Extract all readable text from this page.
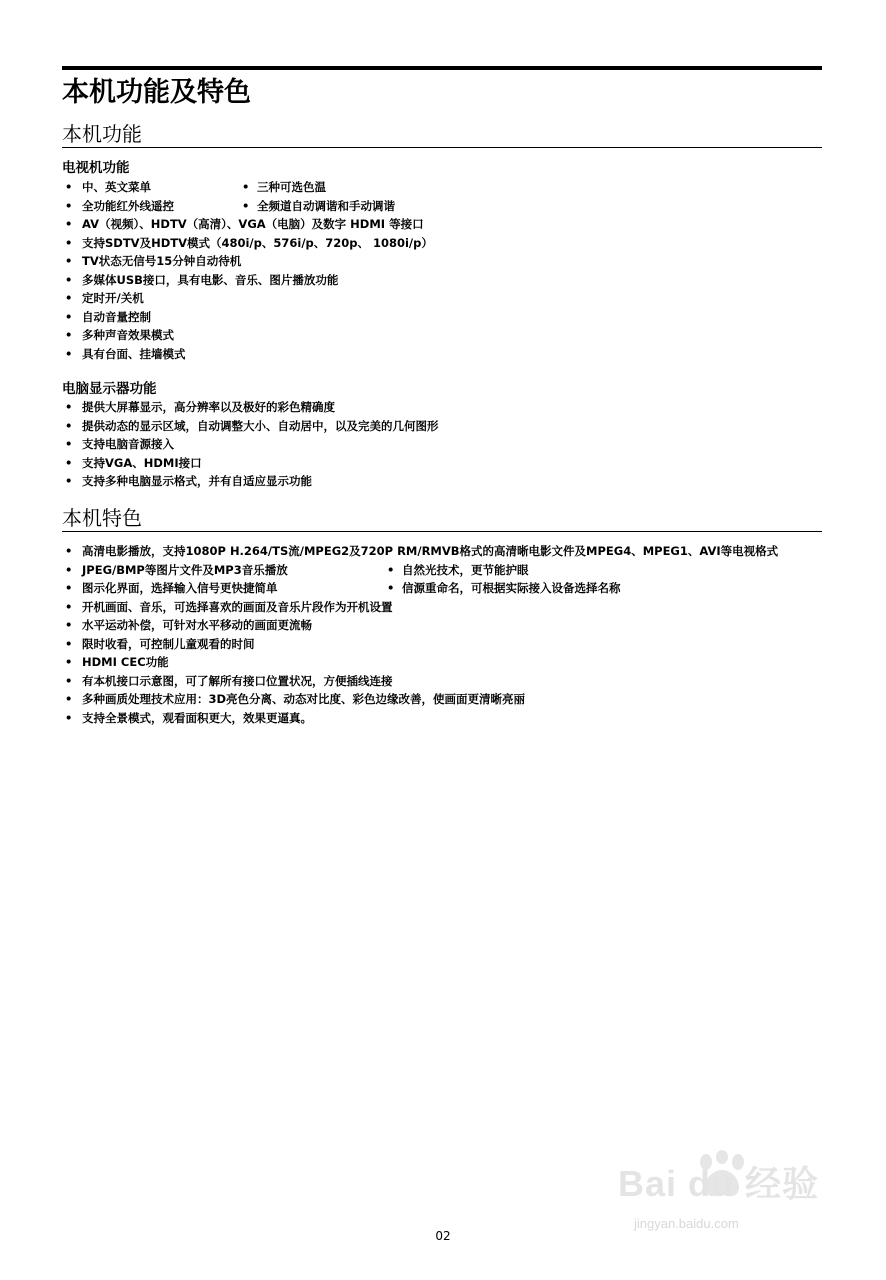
本机功能及特色
本机功能
电视机功能
• 中、英文菜单	• 三种可选色温
• 全功能红外线遥控	• 全频道自动调谐和手动调谐
• AV（视频）、HDTV（高清）、VGA（电脑）及数字 HDMI 等接口
• 支持SDTV及HDTV模式（480i/p、576i/p、720p、 1080i/p）
• TV状态无信号15分钟自动待机
• 多媒体USB接口，具有电影、音乐、图片播放功能
• 定时开/关机
• 自动音量控制
• 多种声音效果模式
• 具有台面、挂墙模式
电脑显示器功能
• 提供大屏幕显示，高分辨率以及极好的彩色精确度
• 提供动态的显示区域，自动调整大小、自动居中，以及完美的几何图形
• 支持电脑音源接入
• 支持VGA、HDMI接口
• 支持多种电脑显示格式，并有自适应显示功能
本机特色
• 高清电影播放，支持1080P H.264/TS流/MPEG2及720P RM/RMVB格式的高清晰电影文件及MPEG4、MPEG1、AVI等电视格式
• JPEG/BMP等图片文件及MP3音乐播放	• 自然光技术，更节能护眼
• 图示化界面，选择输入信号更快捷简单	• 信源重命名，可根据实际接入设备选择名称
• 开机画面、音乐，可选择喜欢的画面及音乐片段作为开机设置
• 水平运动补偿，可针对水平移动的画面更流畅
• 限时收看，可控制儿童观看的时间
• HDMI CEC功能
• 有本机接口示意图，可了解所有接口位置状况，方便插线连接
• 多种画质处理技术应用：3D亮色分离、动态对比度、彩色边缘改善，使画面更清晰亮丽
• 支持全景模式，观看面积更大，效果更逼真。
Bai du 经验
jingyan.baidu.com
02
